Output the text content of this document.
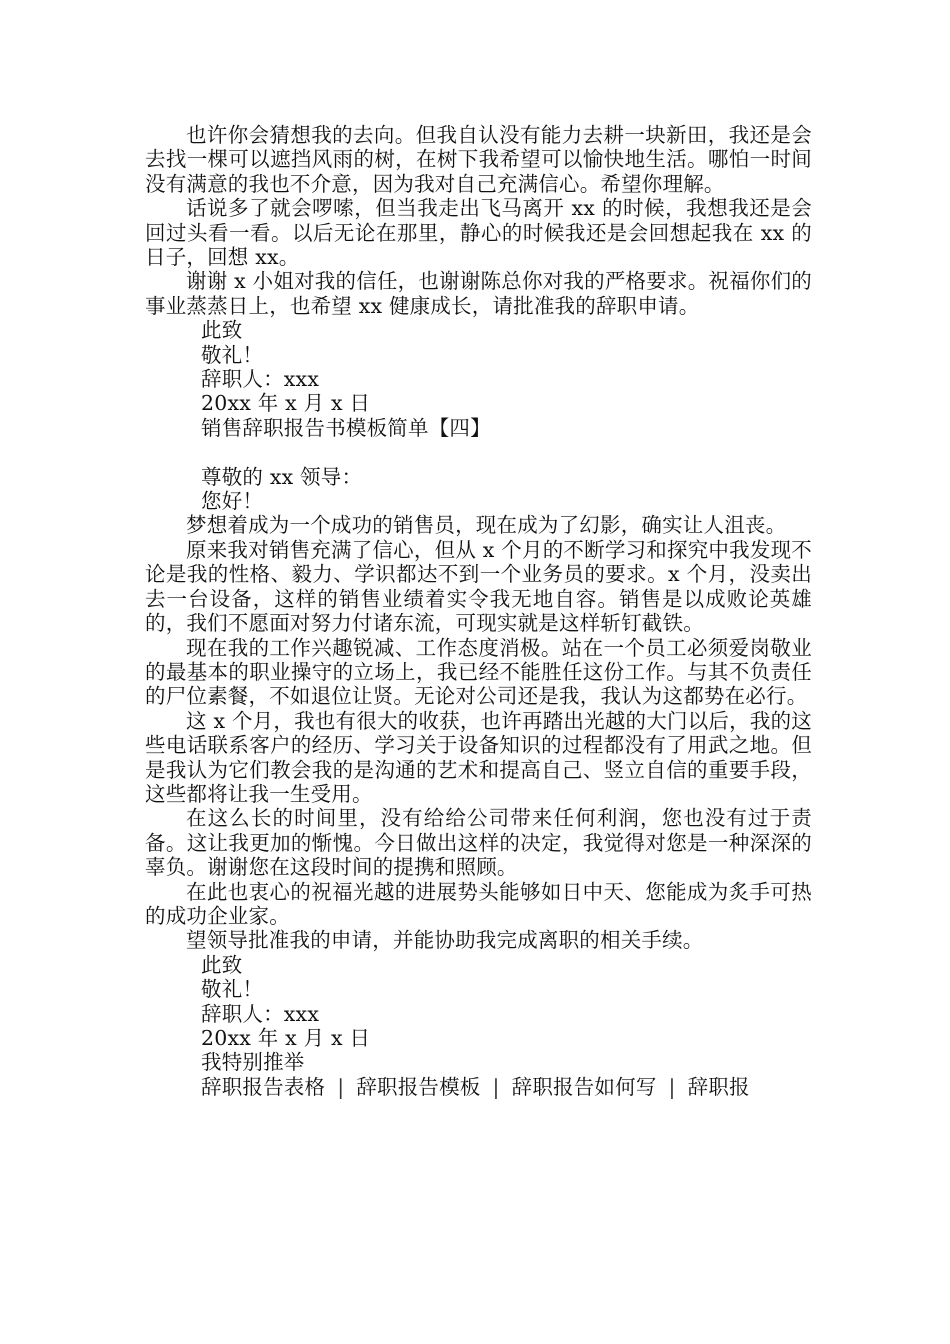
也许你会猜想我的去向。但我自认没有能力去耕一块新田，我还是会去找一棵可以遮挡风雨的树，在树下我希望可以愉快地生活。哪怕一时间没有满意的我也不介意，因为我对自己充满信心。希望你理解。

话说多了就会啰嗦，但当我走出飞马离开 xx 的时候，我想我还是会回过头看一看。以后无论在那里，静心的时候我还是会回想起我在 xx 的日子，回想 xx。

谢谢 x 小姐对我的信任，也谢谢陈总你对我的严格要求。祝福你们的事业蒸蒸日上，也希望 xx 健康成长，请批准我的辞职申请。

此致

敬礼！

辞职人：xxx

20xx 年 x 月 x 日

销售辞职报告书模板简单【四】

尊敬的 xx 领导：

您好！

梦想着成为一个成功的销售员，现在成为了幻影，确实让人沮丧。

原来我对销售充满了信心，但从 x 个月的不断学习和探究中我发现不论是我的性格、毅力、学识都达不到一个业务员的要求。x 个月，没卖出去一台设备，这样的销售业绩着实令我无地自容。销售是以成败论英雄的，我们不愿面对努力付诸东流，可现实就是这样斩钉截铁。

现在我的工作兴趣锐减、工作态度消极。站在一个员工必须爱岗敬业的最基本的职业操守的立场上，我已经不能胜任这份工作。与其不负责任的尸位素餐，不如退位让贤。无论对公司还是我，我认为这都势在必行。

这 x 个月，我也有很大的收获，也许再踏出光越的大门以后，我的这些电话联系客户的经历、学习关于设备知识的过程都没有了用武之地。但是我认为它们教会我的是沟通的艺术和提高自己、竖立自信的重要手段，这些都将让我一生受用。

在这么长的时间里，没有给给公司带来任何利润，您也没有过于责备。这让我更加的惭愧。今日做出这样的决定，我觉得对您是一种深深的辜负。谢谢您在这段时间的提携和照顾。

在此也衷心的祝福光越的进展势头能够如日中天、您能成为炙手可热的成功企业家。

望领导批准我的申请，并能协助我完成离职的相关手续。

此致

敬礼！

辞职人：xxx

20xx 年 x 月 x 日

我特别推举

辞职报告表格 | 辞职报告模板 | 辞职报告如何写 | 辞职报
